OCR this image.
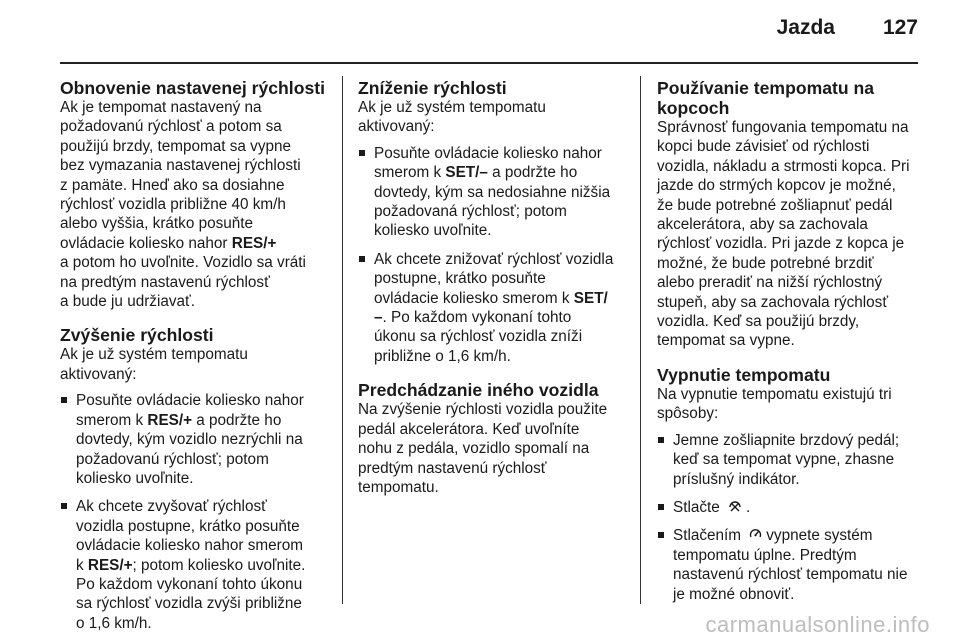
Jazda 127
Obnovenie nastavenej rýchlosti

Ak je tempomat nastavený na
požadovanú rýchlosť a potom sa
použijú brzdy, tempomat sa vypne
bez vymazania nastavenej rýchlosti
z pamäte. Hneď ako sa dosiahne
rýchlosť vozidla približne 40 km/h
alebo vyššia, krátko posuňte
ovládacie koliesko nahor RES/+
a potom ho uvoľnite. Vozidlo sa vráti
na predtým nastavenú rýchlosť
a bude ju udržiavať.

Zvýšenie rýchlosti

Ak je už systém tempomatu
aktivovaný:

Posuňte ovládacie koliesko nahor
smerom k RES/+ a podržte ho
dovtedy, kým vozidlo nezrýchli na
požadovanú rýchlosť; potom
koliesko uvoľnite.
Ak chcete zvyšovať rýchlosť
vozidla postupne, krátko posuňte
ovládacie koliesko nahor smerom
k RES/+; potom koliesko uvoľnite.
Po každom vykonaní tohto úkonu
sa rýchlosť vozidla zvýši približne
o 1,6 km/h.
Zníženie rýchlosti

Ak je už systém tempomatu
aktivovaný:

Posuňte ovládacie koliesko nahor
smerom k SET/– a podržte ho
dovtedy, kým sa nedosiahne nižšia
požadovaná rýchlosť; potom
koliesko uvoľnite.
Ak chcete znižovať rýchlosť vozidla
postupne, krátko posuňte
ovládacie koliesko smerom k SET/
–. Po každom vykonaní tohto
úkonu sa rýchlosť vozidla zníži
približne o 1,6 km/h.
Predchádzanie iného vozidla

Na zvýšenie rýchlosti vozidla použite
pedál akcelerátora. Keď uvoľníte
nohu z pedála, vozidlo spomalí na
predtým nastavenú rýchlosť
tempomatu.

Používanie tempomatu na
kopcoch

Správnosť fungovania tempomatu na
kopci bude závisieť od rýchlosti
vozidla, nákladu a strmosti kopca. Pri
jazde do strmých kopcov je možné,
že bude potrebné zošliapnuť pedál
akcelerátora, aby sa zachovala
rýchlosť vozidla. Pri jazde z kopca je
možné, že bude potrebné brzdiť
alebo preradiť na nižší rýchlostný
stupeň, aby sa zachovala rýchlosť
vozidla. Keď sa použijú brzdy,
tempomat sa vypne.

Vypnutie tempomatu

Na vypnutie tempomatu existujú tri
spôsoby:

Jemne zošliapnite brzdový pedál;
keď sa tempomat vypne, zhasne
príslušný indikátor.
Stlačte .
Stlačením vypnete systém
tempomatu úplne. Predtým
nastavenú rýchlosť tempomatu nie
je možné obnoviť.
carmanualsonline.info
